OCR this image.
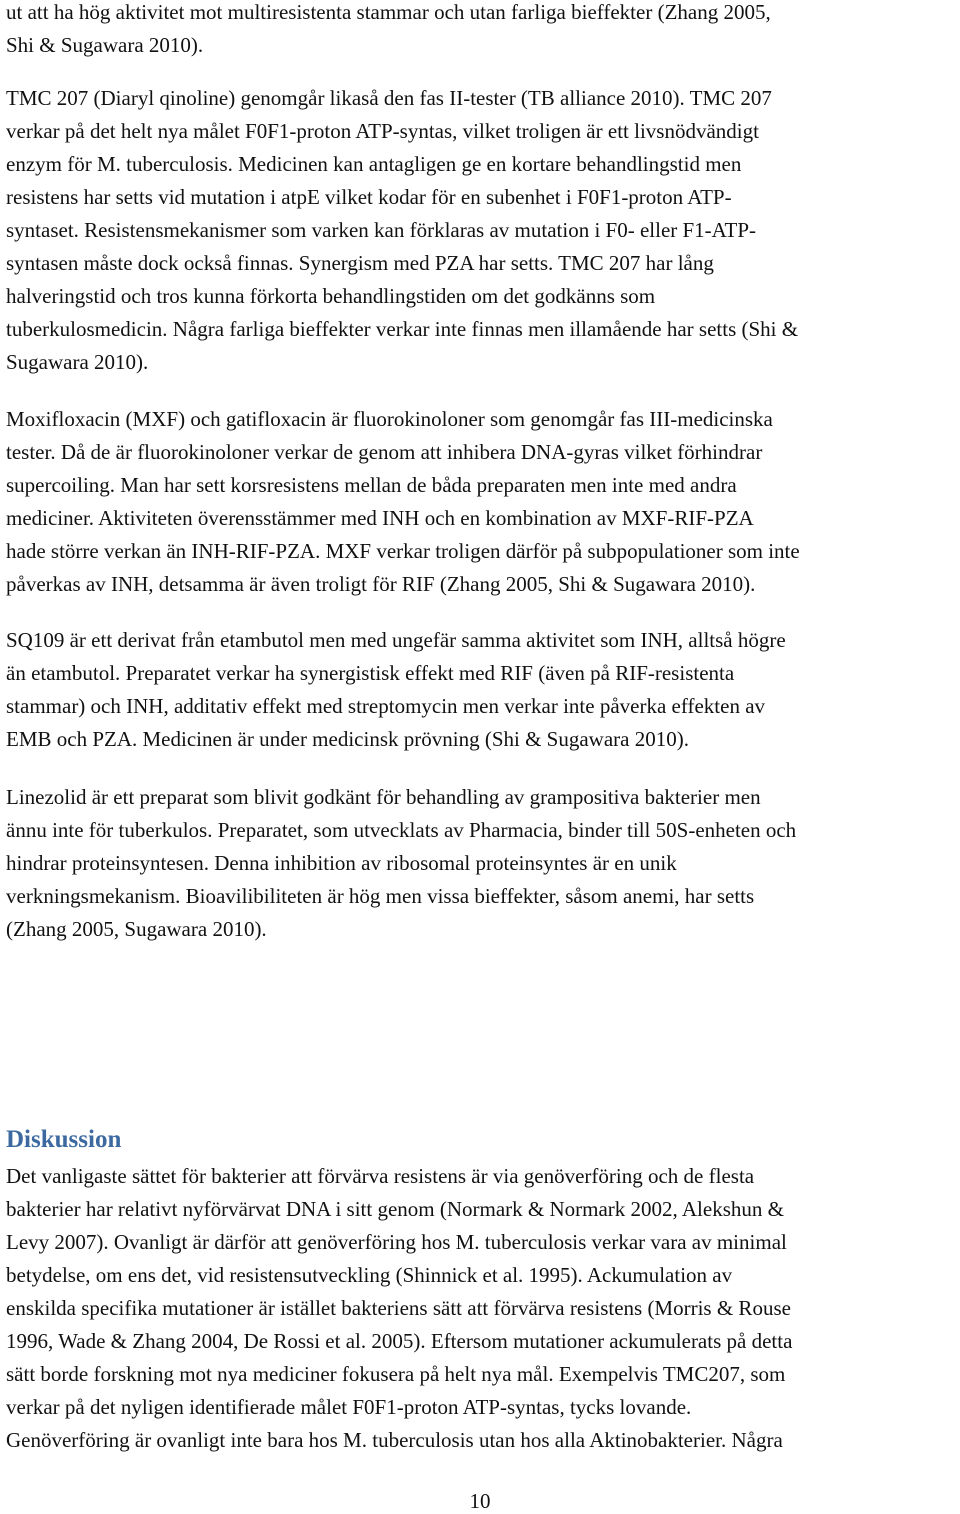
ut att ha hög aktivitet mot multiresistenta stammar och utan farliga bieffekter (Zhang 2005,
Shi & Sugawara 2010).

TMC 207 (Diaryl qinoline) genomgår likaså den fas II-tester (TB alliance 2010). TMC 207
verkar på det helt nya målet F0F1-proton ATP-syntas, vilket troligen är ett livsnödvändigt
enzym för M. tuberculosis. Medicinen kan antagligen ge en kortare behandlingstid men
resistens har setts vid mutation i atpE vilket kodar för en subenhet i F0F1-proton ATP-
syntaset. Resistensmekanismer som varken kan förklaras av mutation i F0- eller F1-ATP-
syntasen måste dock också finnas. Synergism med PZA har setts. TMC 207 har lång
halveringstid och tros kunna förkorta behandlingstiden om det godkänns som
tuberkulosmedicin. Några farliga bieffekter verkar inte finnas men illamående har setts (Shi &
Sugawara 2010).

Moxifloxacin (MXF) och gatifloxacin är fluorokinoloner som genomgår fas III-medicinska
tester. Då de är fluorokinoloner verkar de genom att inhibera DNA-gyras vilket förhindrar
supercoiling. Man har sett korsresistens mellan de båda preparaten men inte med andra
mediciner. Aktiviteten överensstämmer med INH och en kombination av MXF-RIF-PZA
hade större verkan än INH-RIF-PZA. MXF verkar troligen därför på subpopulationer som inte
påverkas av INH, detsamma är även troligt för RIF (Zhang 2005, Shi & Sugawara 2010).

SQ109 är ett derivat från etambutol men med ungefär samma aktivitet som INH, alltså högre
än etambutol. Preparatet verkar ha synergistisk effekt med RIF (även på RIF-resistenta
stammar) och INH, additativ effekt med streptomycin men verkar inte påverka effekten av
EMB och PZA. Medicinen är under medicinsk prövning (Shi & Sugawara 2010).

Linezolid är ett preparat som blivit godkänt för behandling av grampositiva bakterier men
ännu inte för tuberkulos. Preparatet, som utvecklats av Pharmacia, binder till 50S-enheten och
hindrar proteinsyntesen. Denna inhibition av ribosomal proteinsyntes är en unik
verkningsmekanism. Bioavilibiliteten är hög men vissa bieffekter, såsom anemi, har setts
(Zhang 2005, Sugawara 2010).

Diskussion

Det vanligaste sättet för bakterier att förvärva resistens är via genöverföring och de flesta
bakterier har relativt nyförvärvat DNA i sitt genom (Normark & Normark 2002, Alekshun &
Levy 2007). Ovanligt är därför att genöverföring hos M. tuberculosis verkar vara av minimal
betydelse, om ens det, vid resistensutveckling (Shinnick et al. 1995). Ackumulation av
enskilda specifika mutationer är istället bakteriens sätt att förvärva resistens (Morris & Rouse
1996, Wade & Zhang 2004, De Rossi et al. 2005). Eftersom mutationer ackumulerats på detta
sätt borde forskning mot nya mediciner fokusera på helt nya mål. Exempelvis TMC207, som
verkar på det nyligen identifierade målet F0F1-proton ATP-syntas, tycks lovande.
Genöverföring är ovanligt inte bara hos M. tuberculosis utan hos alla Aktinobakterier. Några

10
